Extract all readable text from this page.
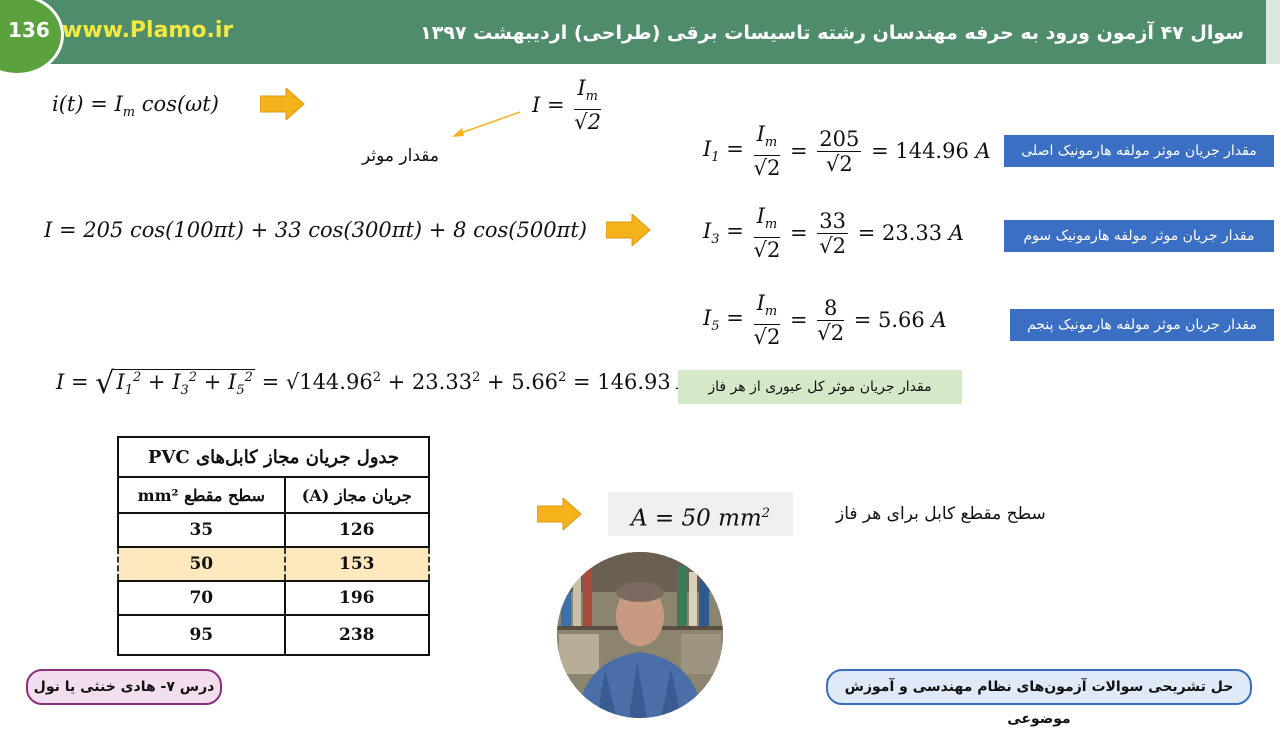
سوال ۴۷ آزمون ورود به حرفه مهندسان رشته تاسیسات برقی (طراحی) اردیبهشت ۱۳۹۷
136 www.Plamo.ir
$i(t) = I_m$ cos(ωt)	$I = \frac{I_m}{√2}$
مقدار موثر
I = 205 cos(100πt) + 33 cos(300πt) + 8 cos(500πt)
$I_1 = \frac{I_m}{√2} = \frac{205}{√2} = 144.96$ A	مقدار جریان موثر مولفه هارمونیک اصلی
$I_3 = \frac{I_m}{√2} = \frac{33}{√2} = 23.33$ A	مقدار جریان موثر مولفه هارمونیک سوم
$I_5 = \frac{I_m}{√2} = \frac{8}{√2} = 5.66$ A	مقدار جریان موثر مولفه هارمونیک پنجم
$I = √I_1^2 + I_3^2 + I_5^2 = √144.96^2 + 23.33^2 + 5.66^2 = 146.93$	مقدار جریان موثر کل عبوری از هر فاز
جدول جریان مجاز کابل‌های PVC	
سطح مقطع mm²	جریان مجاز (A)
35	126
50	153
70	196
95	238
A = 50 $mm^2$	سطح مقطع کابل برای هر فاز
درس ۷- هادی خنثی یا نول	حل تشریحی سوالات آزمون‌های نظام مهندسی و آموزش موضوعی
